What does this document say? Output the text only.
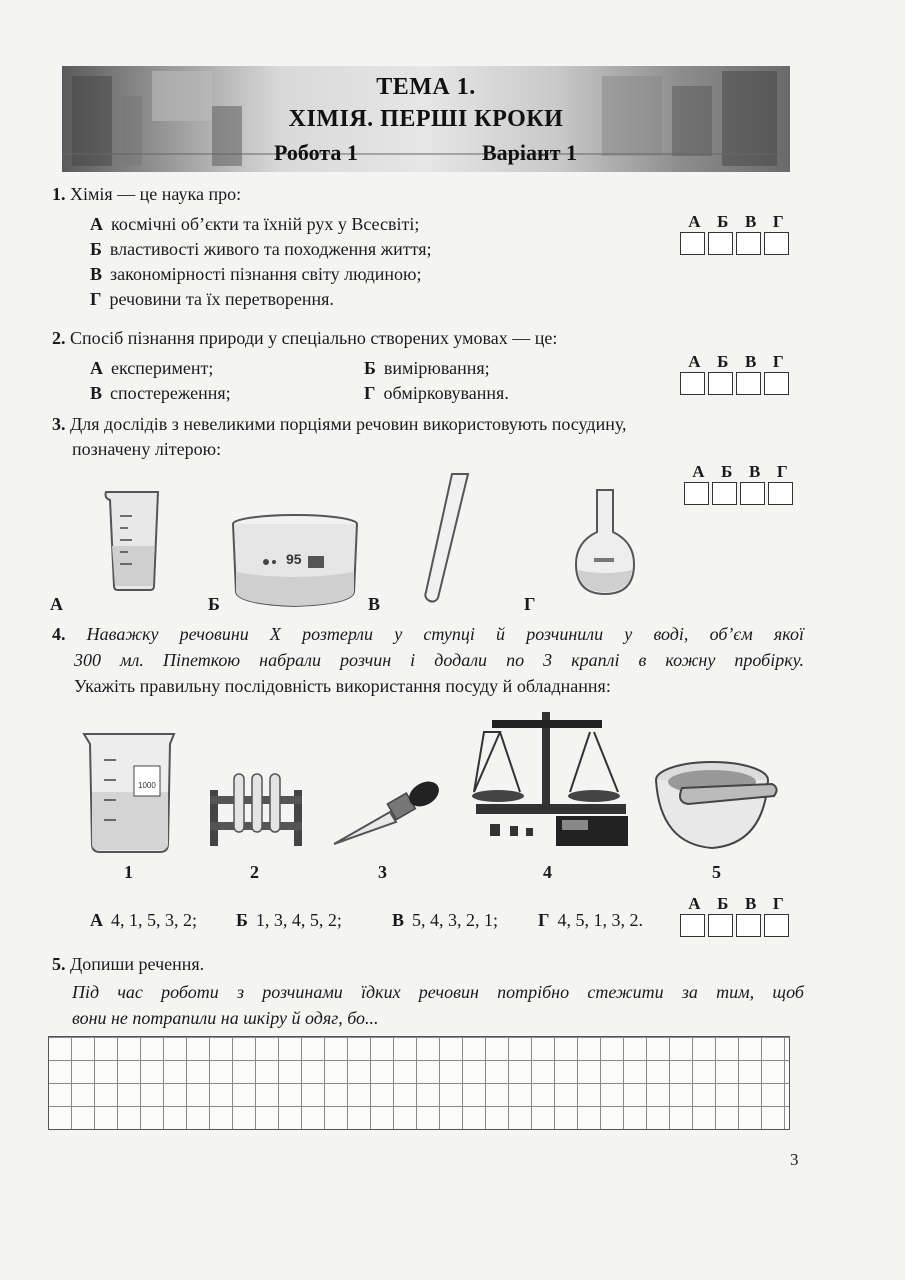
ТЕМА 1.
ХІМІЯ. ПЕРШІ КРОКИ
Робота 1	Варіант 1
1. Хімія — це наука про:
А космічні об’єкти та їхній рух у Всесвіті;
Б властивості живого та походження життя;
В закономірності пізнання світу людиною;
Г речовини та їх перетворення.
А Б В Г
2. Спосіб пізнання природи у спеціально створених умовах — це:
А експеримент;	Б вимірювання;
В спостереження;	Г обмірковування.
А Б В Г
3. Для дослідів з невеликими порціями речовин використовують посудину,
позначену літерою:
А Б В Г
А
95
Б	В	Г
4. Наважку речовини X розтерли у ступці й розчинили у воді, об’єм якої
300 мл. Піпеткою набрали розчин і додали по 3 краплі в кожну пробірку.
Укажіть правильну послідовність використання посуду й обладнання:
1000
1	2	3	4	5
А 4, 1, 5, 3, 2; Б 1, 3, 4, 5, 2;	В 5, 4, 3, 2, 1; Г 4, 5, 1, 3, 2.
А Б В Г
5. Допиши речення.
Під час роботи з розчинами їдких речовин потрібно стежити за тим, щоб
вони не потрапили на шкіру й одяг, бо...
3
